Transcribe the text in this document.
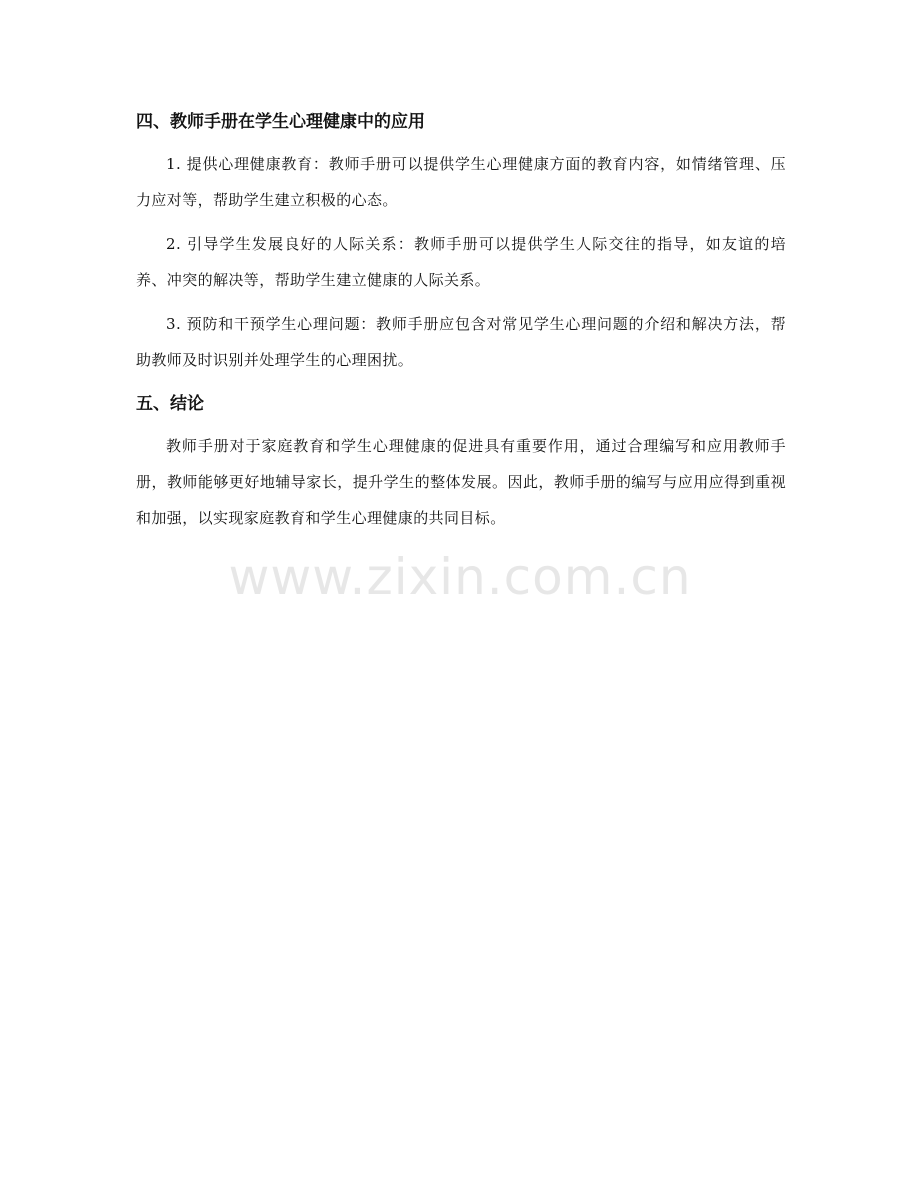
四、教师手册在学生心理健康中的应用

1. 提供心理健康教育：教师手册可以提供学生心理健康方面的教育内容，如情绪管理、压力应对等，帮助学生建立积极的心态。

2. 引导学生发展良好的人际关系：教师手册可以提供学生人际交往的指导，如友谊的培养、冲突的解决等，帮助学生建立健康的人际关系。

3. 预防和干预学生心理问题：教师手册应包含对常见学生心理问题的介绍和解决方法，帮助教师及时识别并处理学生的心理困扰。

五、结论

教师手册对于家庭教育和学生心理健康的促进具有重要作用，通过合理编写和应用教师手册，教师能够更好地辅导家长，提升学生的整体发展。因此，教师手册的编写与应用应得到重视和加强，以实现家庭教育和学生心理健康的共同目标。

www.zixin.com.cn
